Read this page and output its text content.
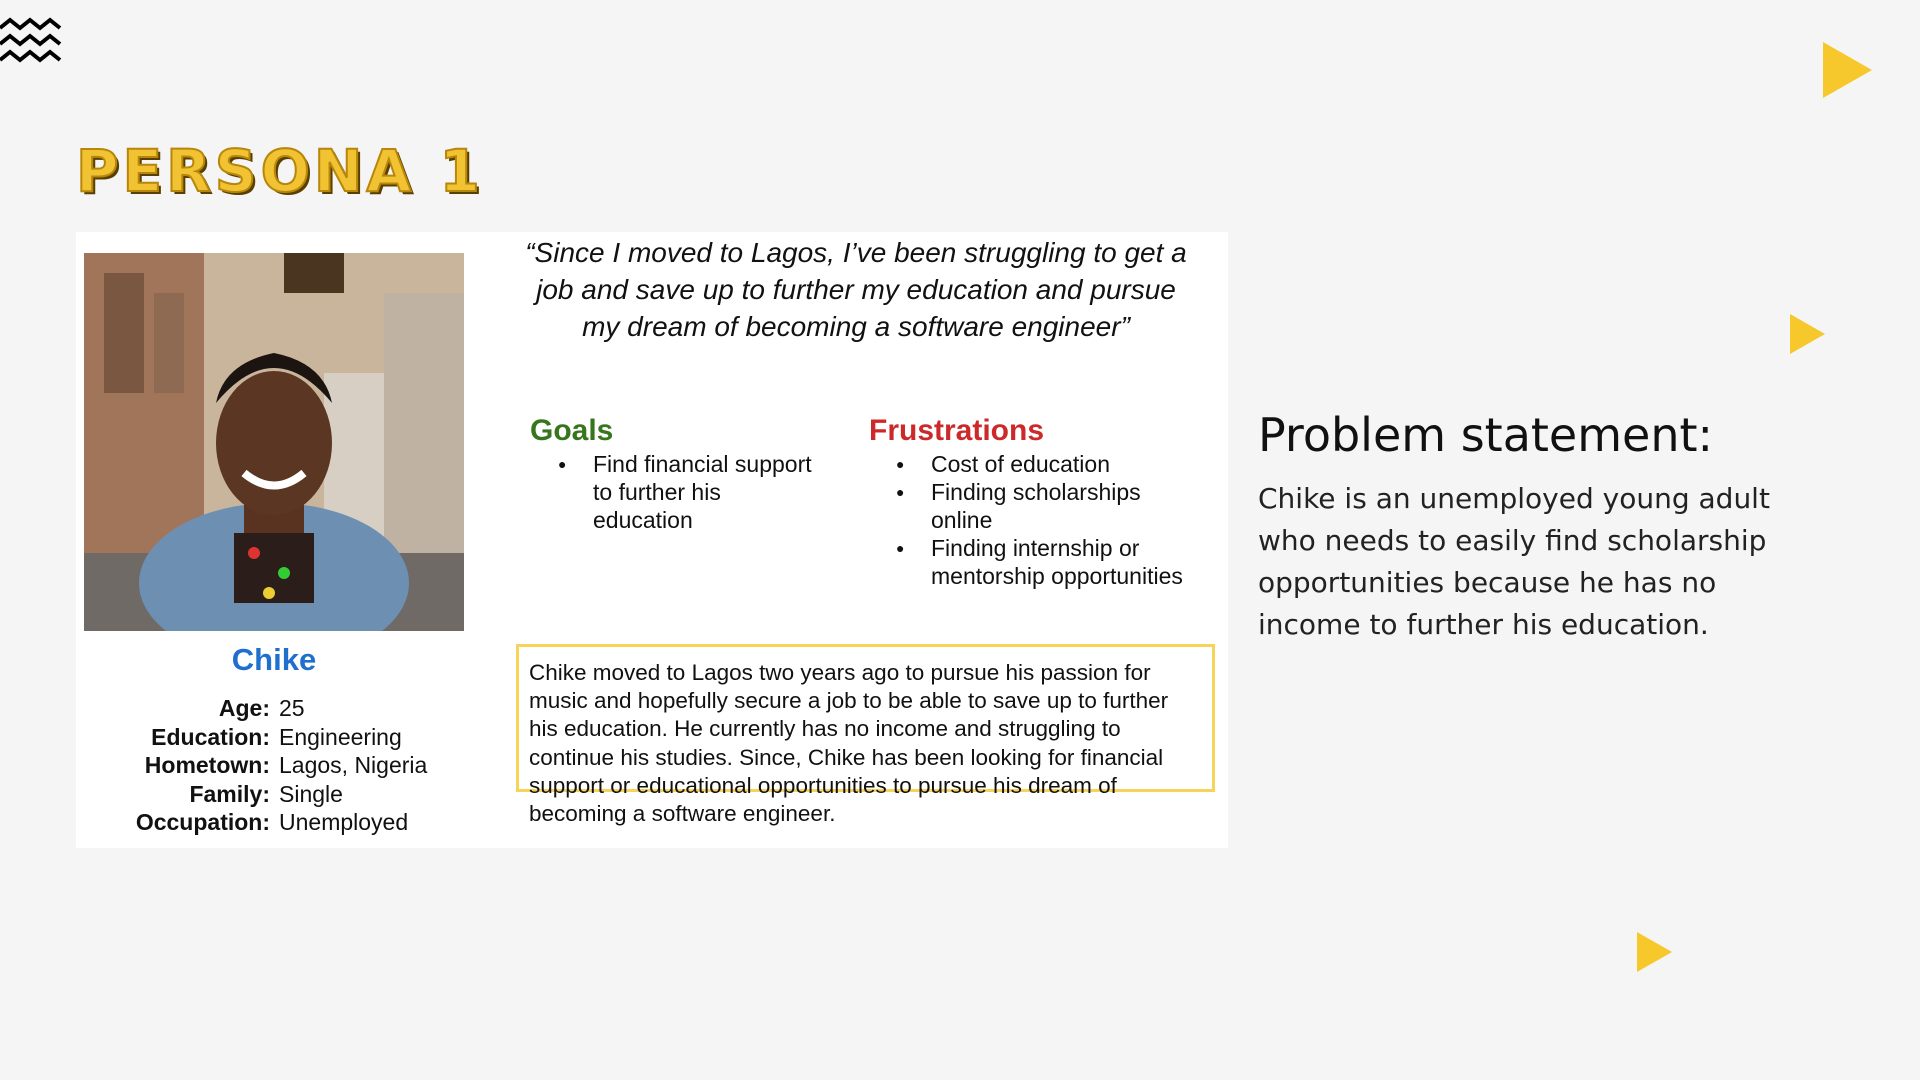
PERSONA 1
Chike
Age: 25
Education: Engineering
Hometown: Lagos, Nigeria
Family: Single
Occupation: Unemployed
“Since I moved to Lagos, I’ve been struggling to get a job and save up to further my education and pursue my dream of becoming a software engineer”
Goals
● Find financial support to further his education
Frustrations
● Cost of education
● Finding scholarships online
● Finding internship or mentorship opportunities
Chike moved to Lagos two years ago to pursue his passion for music and hopefully secure a job to be able to save up to further his education. He currently has no income and struggling to continue his studies. Since, Chike has been looking for financial support or educational opportunities to pursue his dream of becoming a software engineer.
Problem statement:

Chike is an unemployed young adult who needs to easily find scholarship opportunities because he has no income to further his education.
